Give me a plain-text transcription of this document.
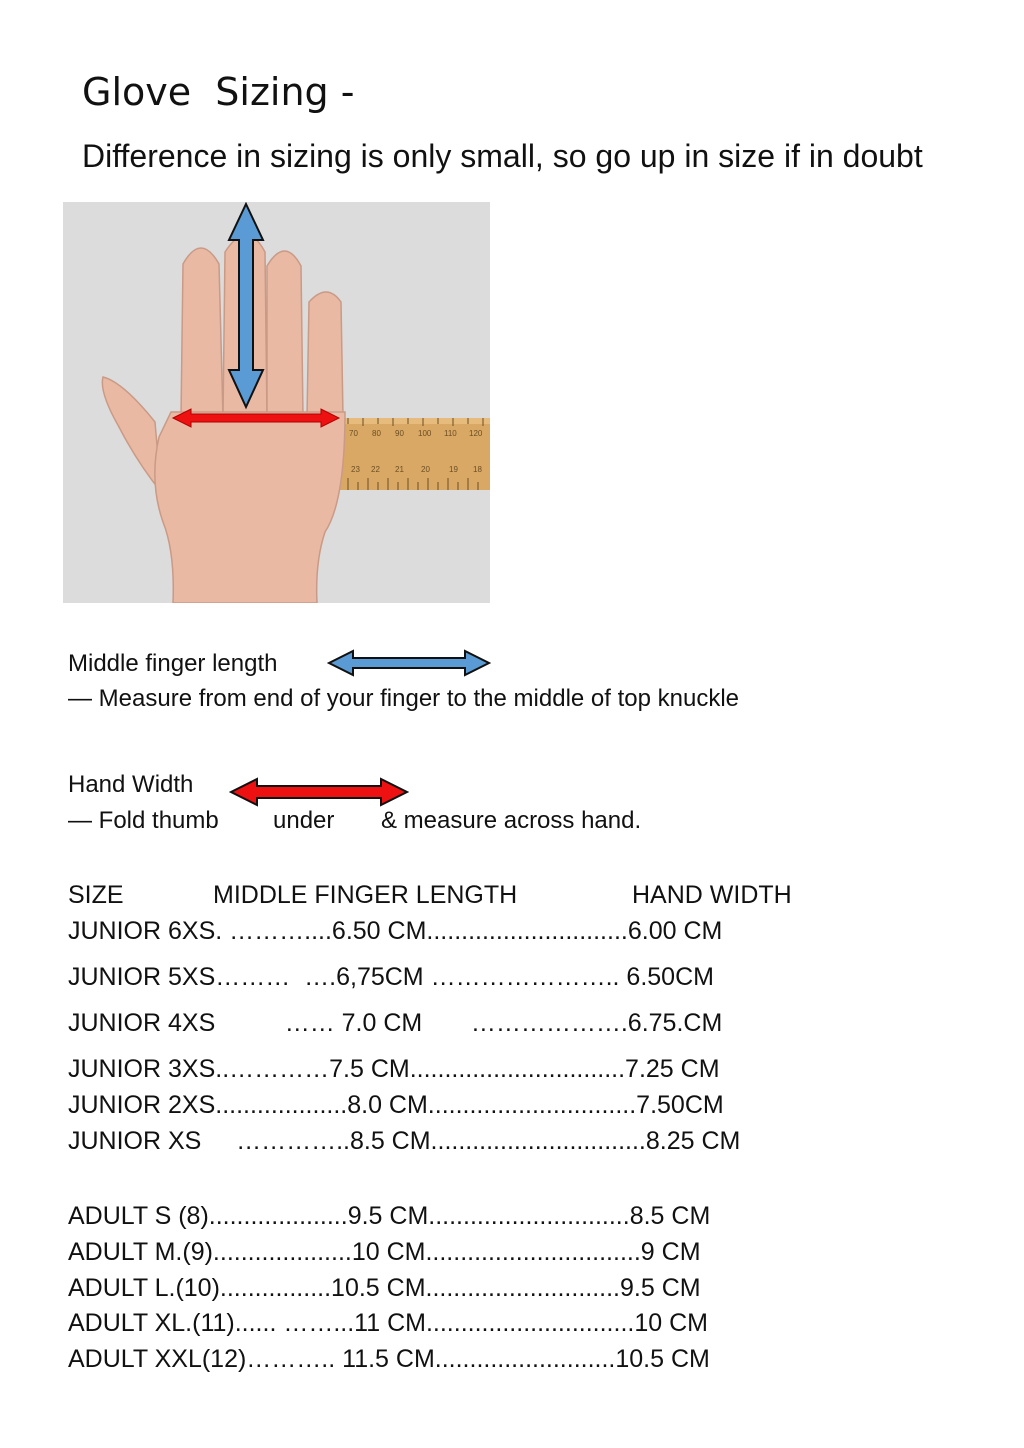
Glove  Sizing -
Difference in sizing is only small, so go up in size if in doubt
70 80 90 100 110 120
23 22 21 20 19 18
Middle finger length
— Measure from end of your finger to the middle of top knuckle
Hand Width
— Fold thumb under & measure across hand.
SIZE	MIDDLE FINGER LENGTH	HAND WIDTH
JUNIOR 6XS. ………....6.50 CM.............................6.00 CM
JUNIOR 5XS………  ….6,75CM ………………….. 6.50CM
JUNIOR 4XS          …… 7.0 CM       ……………….6.75.CM
JUNIOR 3XS..…………7.5 CM...............................7.25 CM
JUNIOR 2XS...................8.0 CM..............................7.50CM
JUNIOR XS     …………..8.5 CM...............................8.25 CM
ADULT S (8)....................9.5 CM.............................8.5 CM
ADULT M.(9)....................10 CM...............................9 CM
ADULT L.(10)................10.5 CM............................9.5 CM
ADULT XL.(11)...... ……...11 CM..............................10 CM
ADULT XXL(12)……….. 11.5 CM..........................10.5 CM
